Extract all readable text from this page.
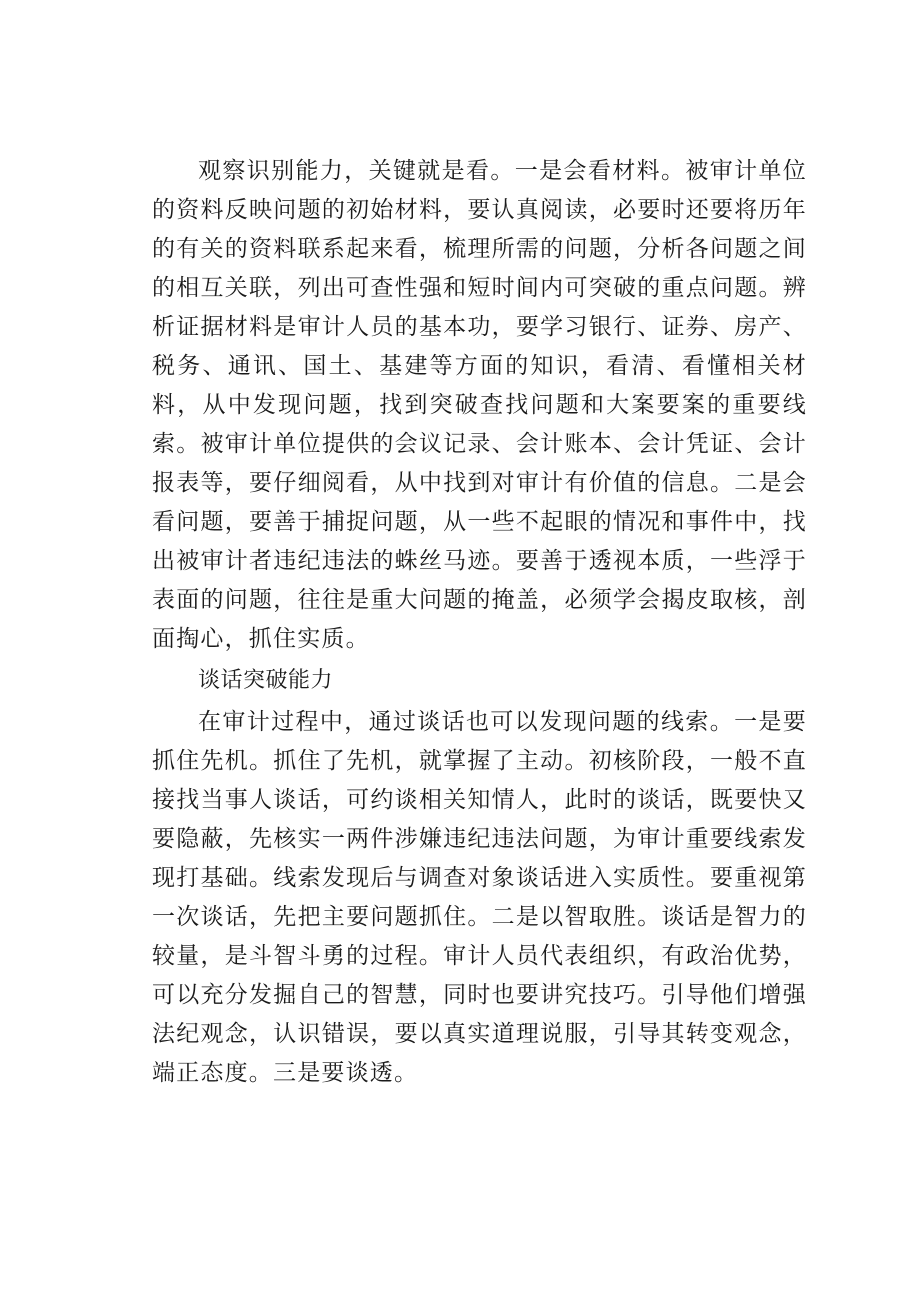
观察识别能力，关键就是看。一是会看材料。被审计单位的资料反映问题的初始材料，要认真阅读，必要时还要将历年的有关的资料联系起来看，梳理所需的问题，分析各问题之间的相互关联，列出可查性强和短时间内可突破的重点问题。辨析证据材料是审计人员的基本功，要学习银行、证券、房产、税务、通讯、国土、基建等方面的知识，看清、看懂相关材料，从中发现问题，找到突破查找问题和大案要案的重要线索。被审计单位提供的会议记录、会计账本、会计凭证、会计报表等，要仔细阅看，从中找到对审计有价值的信息。二是会看问题，要善于捕捉问题，从一些不起眼的情况和事件中，找出被审计者违纪违法的蛛丝马迹。要善于透视本质，一些浮于表面的问题，往往是重大问题的掩盖，必须学会揭皮取核，剖面掏心，抓住实质。

谈话突破能力

在审计过程中，通过谈话也可以发现问题的线索。一是要抓住先机。抓住了先机，就掌握了主动。初核阶段，一般不直接找当事人谈话，可约谈相关知情人，此时的谈话，既要快又要隐蔽，先核实一两件涉嫌违纪违法问题，为审计重要线索发现打基础。线索发现后与调查对象谈话进入实质性。要重视第一次谈话，先把主要问题抓住。二是以智取胜。谈话是智力的较量，是斗智斗勇的过程。审计人员代表组织，有政治优势，可以充分发掘自己的智慧，同时也要讲究技巧。引导他们增强法纪观念，认识错误，要以真实道理说服，引导其转变观念，端正态度。三是要谈透。
